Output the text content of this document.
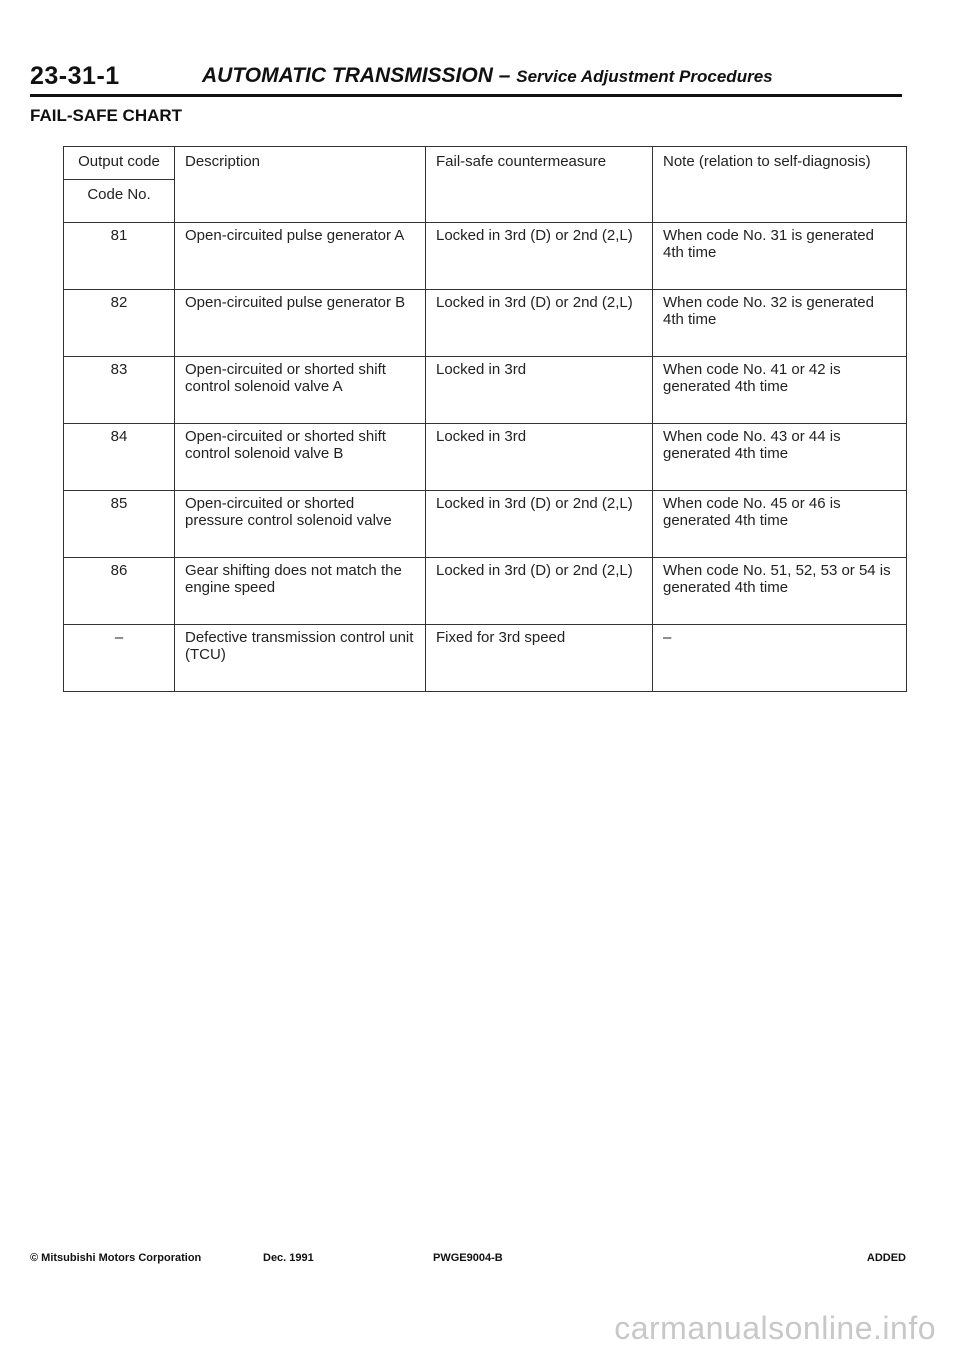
23-31-1	AUTOMATIC TRANSMISSION – Service Adjustment Procedures
FAIL-SAFE CHART
Output code
Code No.	Description	Fail-safe countermeasure	Note (relation to self-diagnosis)
81	Open-circuited pulse generator A	Locked in 3rd (D) or 2nd (2,L)	When code No. 31 is generated 4th time
82	Open-circuited pulse generator B	Locked in 3rd (D) or 2nd (2,L)	When code No. 32 is generated 4th time
83	Open-circuited or shorted shift control solenoid valve A	Locked in 3rd	When code No. 41 or 42 is generated 4th time
84	Open-circuited or shorted shift control solenoid valve B	Locked in 3rd	When code No. 43 or 44 is generated 4th time
85	Open-circuited or shorted pressure control solenoid valve	Locked in 3rd (D) or 2nd (2,L)	When code No. 45 or 46 is generated 4th time
86	Gear shifting does not match the engine speed	Locked in 3rd (D) or 2nd (2,L)	When code No. 51, 52, 53 or 54 is generated 4th time
–	Defective transmission control unit (TCU)	Fixed for 3rd speed	–
© Mitsubishi Motors Corporation	Dec. 1991	PWGE9004-B	ADDED
carmanualsonline.info
